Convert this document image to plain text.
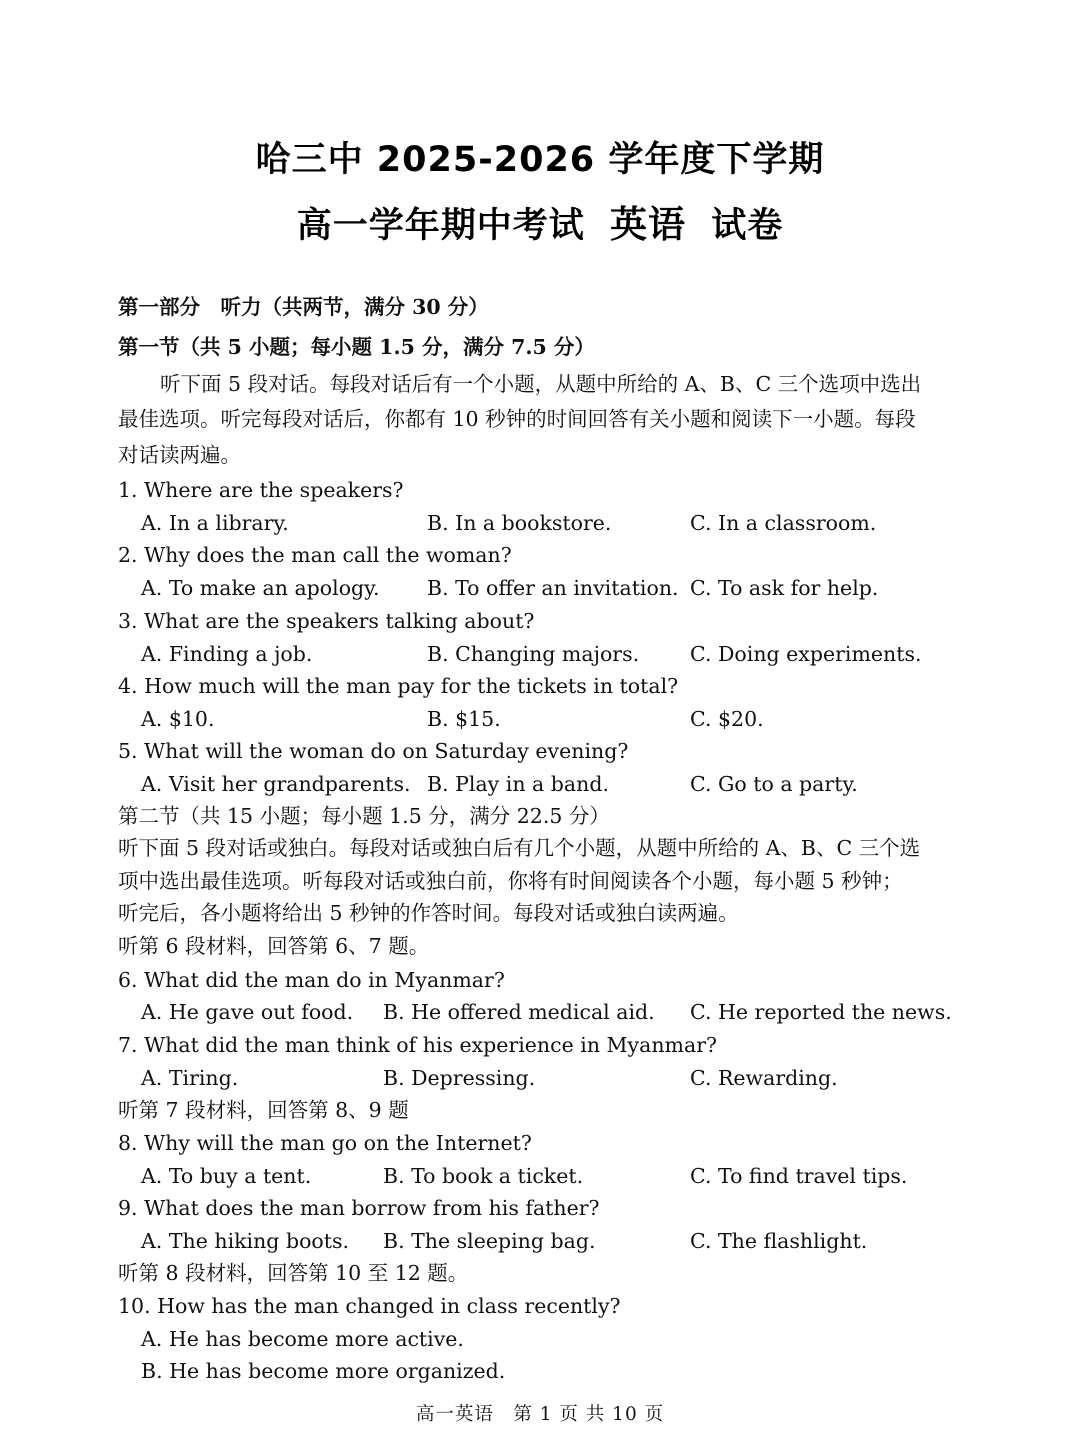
哈三中 2025-2026 学年度下学期
高一学年期中考试 英语 试卷
第一部分　听力（共两节，满分 30 分）
第一节（共 5 小题；每小题 1.5 分，满分 7.5 分）
听下面 5 段对话。每段对话后有一个小题，从题中所给的 A、B、C 三个选项中选出
最佳选项。听完每段对话后，你都有 10 秒钟的时间回答有关小题和阅读下一小题。每段
对话读两遍。
1. Where are the speakers?
A. In a library.	B. In a bookstore.	C. In a classroom.
2. Why does the man call the woman?
A. To make an apology. B. To offer an invitation. C. To ask for help.
3. What are the speakers talking about?
A. Finding a job.	B. Changing majors. C. Doing experiments.
4. How much will the man pay for the tickets in total?
A. $10.	B. $15.	C. $20.
5. What will the woman do on Saturday evening?
A. Visit her grandparents. B. Play in a band.	C. Go to a party.
第二节（共 15 小题；每小题 1.5 分，满分 22.5 分）
听下面 5 段对话或独白。每段对话或独白后有几个小题，从题中所给的 A、B、C 三个选
项中选出最佳选项。听每段对话或独白前，你将有时间阅读各个小题，每小题 5 秒钟；
听完后，各小题将给出 5 秒钟的作答时间。每段对话或独白读两遍。
听第 6 段材料，回答第 6、7 题。
6. What did the man do in Myanmar?
A. He gave out food. B. He offered medical aid. C. He reported the news.
7. What did the man think of his experience in Myanmar?
A. Tiring.	B. Depressing.	C. Rewarding.
听第 7 段材料，回答第 8、9 题
8. Why will the man go on the Internet?
A. To buy a tent.	B. To book a ticket.	C. To find travel tips.
9. What does the man borrow from his father?
A. The hiking boots. B. The sleeping bag.	C. The flashlight.
听第 8 段材料，回答第 10 至 12 题。
10. How has the man changed in class recently?
A. He has become more active.
B. He has become more organized.
高一英语　第 1 页 共 10 页
